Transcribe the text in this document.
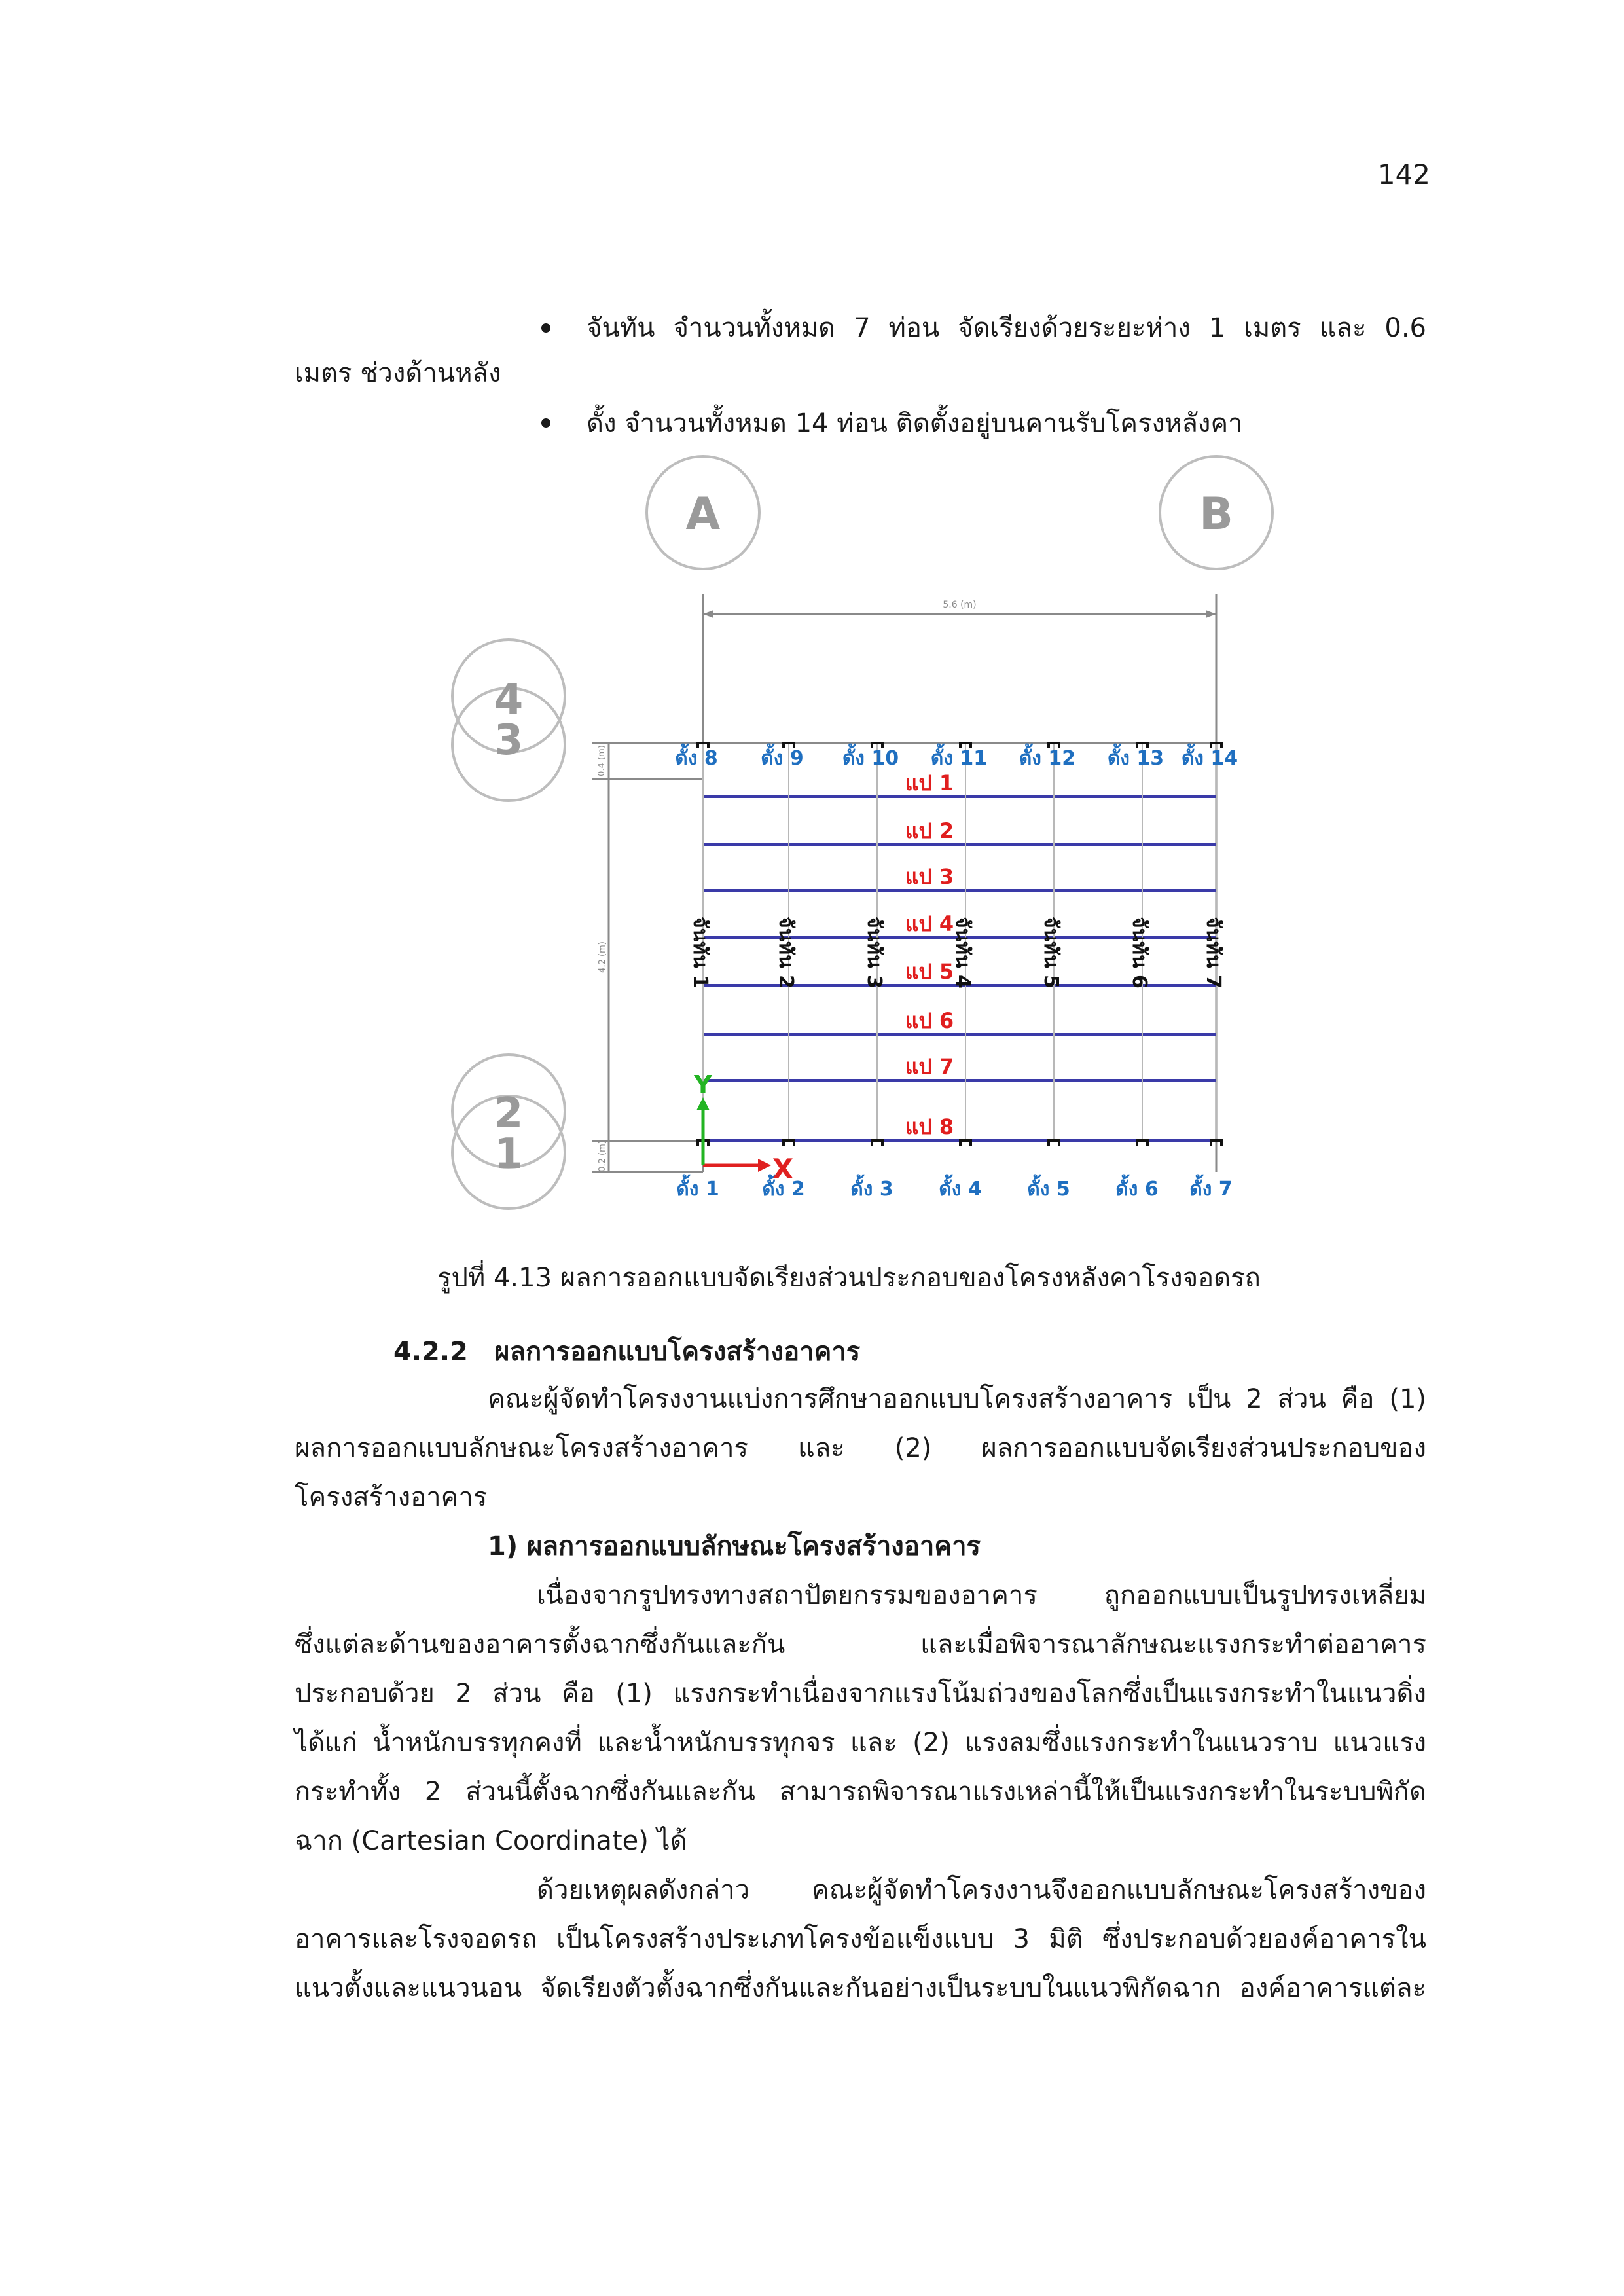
142
จันทัน จำนวนทั้งหมด 7 ท่อน จัดเรียงด้วยระยะห่าง 1 เมตร และ 0.6
เมตร ช่วงด้านหลัง
ดั้ง จำนวนทั้งหมด 14 ท่อน ติดตั้งอยู่บนคานรับโครงหลังคา
A	B
4
3
2
1
5.6 (m)
0.4 (m)
4.2 (m)
0.2 (m)
แป 1
แป 2
แป 3
แป 4
แป 5
แป 6
แป 7
แป 8
จันทัน 1	จันทัน 2	จันทัน 3	จันทัน 4	จันทัน 5	จันทัน 6	จันทัน 7
ดั้ง 8 ดั้ง 9 ดั้ง 10 ดั้ง 11 ดั้ง 12 ดั้ง 13 ดั้ง 14
ดั้ง 1 ดั้ง 2 ดั้ง 3 ดั้ง 4 ดั้ง 5 ดั้ง 6 ดั้ง 7
X
Y
รูปที่ 4.13 ผลการออกแบบจัดเรียงส่วนประกอบของโครงหลังคาโรงจอดรถ
4.2.2 ผลการออกแบบโครงสร้างอาคาร
คณะผู้จัดทำโครงงานแบ่งการศึกษาออกแบบโครงสร้างอาคาร เป็น 2 ส่วน คือ (1)
ผลการออกแบบลักษณะโครงสร้างอาคาร และ (2) ผลการออกแบบจัดเรียงส่วนประกอบของ
โครงสร้างอาคาร
1) ผลการออกแบบลักษณะโครงสร้างอาคาร
เนื่องจากรูปทรงทางสถาปัตยกรรมของอาคาร ถูกออกแบบเป็นรูปทรงเหลี่ยม
ซึ่งแต่ละด้านของอาคารตั้งฉากซึ่งกันและกัน และเมื่อพิจารณาลักษณะแรงกระทำต่ออาคาร
ประกอบด้วย 2 ส่วน คือ (1) แรงกระทำเนื่องจากแรงโน้มถ่วงของโลกซึ่งเป็นแรงกระทำในแนวดิ่ง
ได้แก่ น้ำหนักบรรทุกคงที่ และน้ำหนักบรรทุกจร และ (2) แรงลมซึ่งแรงกระทำในแนวราบ แนวแรง
กระทำทั้ง 2 ส่วนนี้ตั้งฉากซึ่งกันและกัน สามารถพิจารณาแรงเหล่านี้ให้เป็นแรงกระทำในระบบพิกัด
ฉาก (Cartesian Coordinate) ได้
ด้วยเหตุผลดังกล่าว คณะผู้จัดทำโครงงานจึงออกแบบลักษณะโครงสร้างของ
อาคารและโรงจอดรถ เป็นโครงสร้างประเภทโครงข้อแข็งแบบ 3 มิติ ซึ่งประกอบด้วยองค์อาคารใน
แนวตั้งและแนวนอน จัดเรียงตัวตั้งฉากซึ่งกันและกันอย่างเป็นระบบในแนวพิกัดฉาก องค์อาคารแต่ละ
